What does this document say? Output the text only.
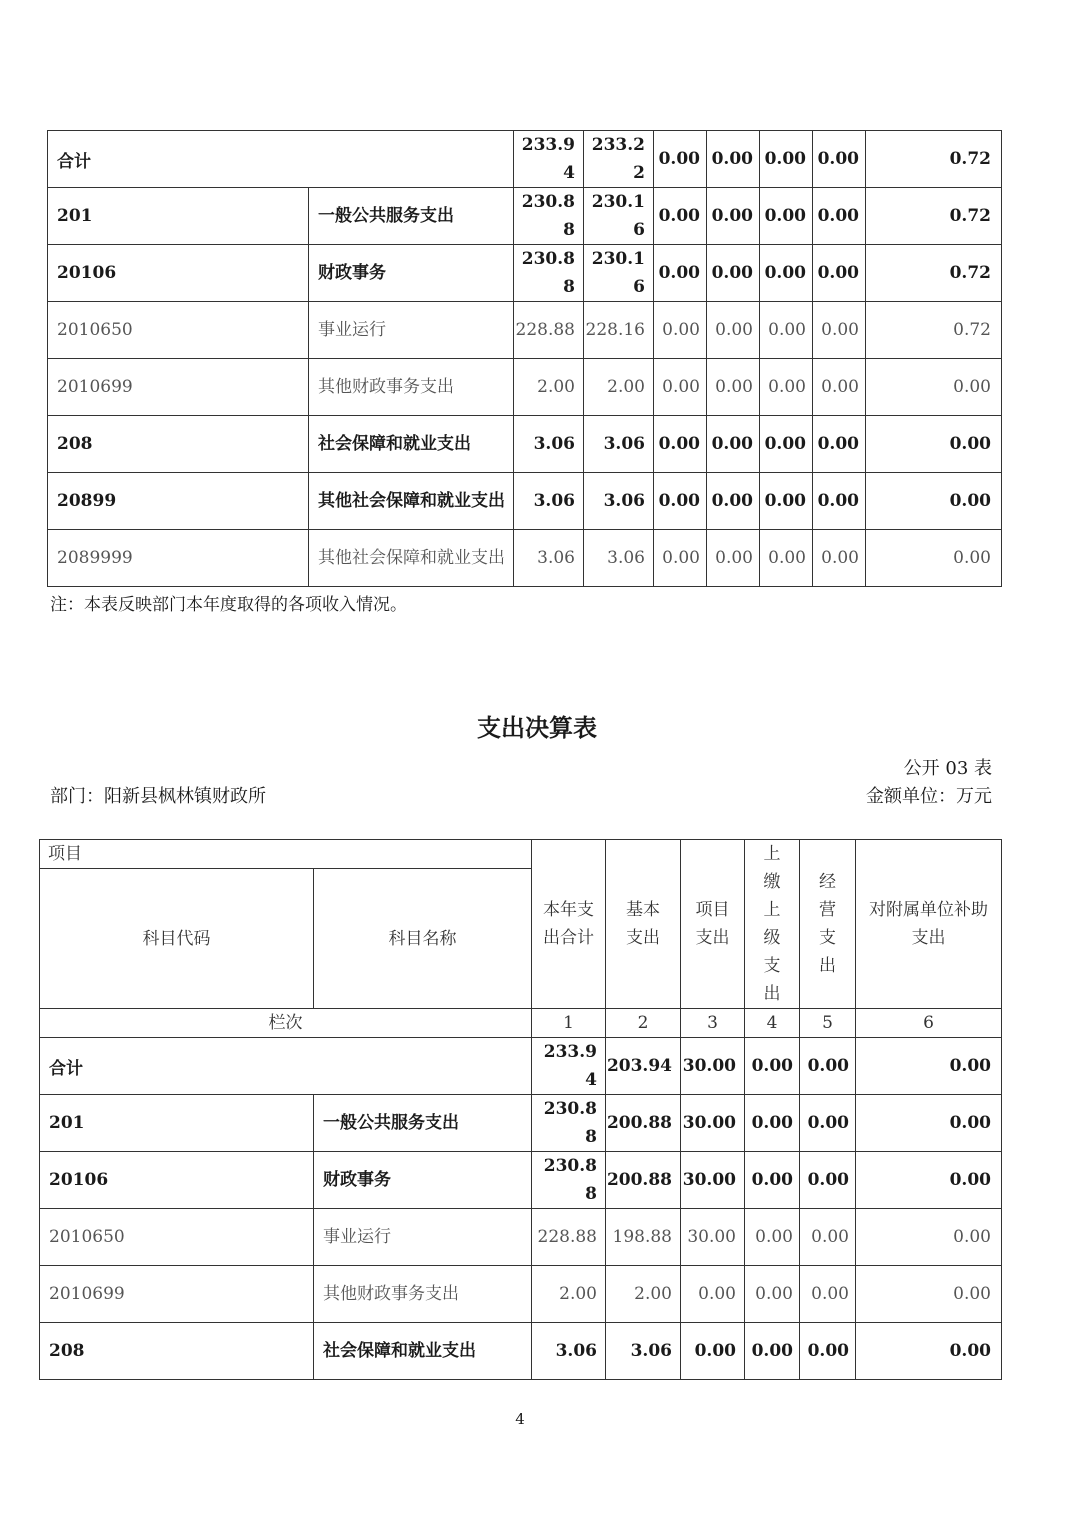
合计		233.94	233.22	0.00	0.00	0.00	0.00	0.72
201	一般公共服务支出	230.88	230.16	0.00	0.00	0.00	0.00	0.72
20106	财政事务	230.88	230.16	0.00	0.00	0.00	0.00	0.72
2010650	事业运行	228.88	228.16	0.00	0.00	0.00	0.00	0.72
2010699	其他财政事务支出	2.00	2.00	0.00	0.00	0.00	0.00	0.00
208	社会保障和就业支出	3.06	3.06	0.00	0.00	0.00	0.00	0.00
20899	其他社会保障和就业支出	3.06	3.06	0.00	0.00	0.00	0.00	0.00
2089999	其他社会保障和就业支出	3.06	3.06	0.00	0.00	0.00	0.00	0.00
注：本表反映部门本年度取得的各项收入情况。
支出决算表
公开 03 表
部门：阳新县枫林镇财政所	金额单位：万元
项目		本年支出合计	基本支出	项目支出	上缴上级支出	经营支出	对附属单位补助支出
科目代码	科目名称						
栏次		1	2	3	4	5	6
合计		233.94	203.94	30.00	0.00	0.00	0.00
201	一般公共服务支出	230.88	200.88	30.00	0.00	0.00	0.00
20106	财政事务	230.88	200.88	30.00	0.00	0.00	0.00
2010650	事业运行	228.88	198.88	30.00	0.00	0.00	0.00
2010699	其他财政事务支出	2.00	2.00	0.00	0.00	0.00	0.00
208	社会保障和就业支出	3.06	3.06	0.00	0.00	0.00	0.00
4
